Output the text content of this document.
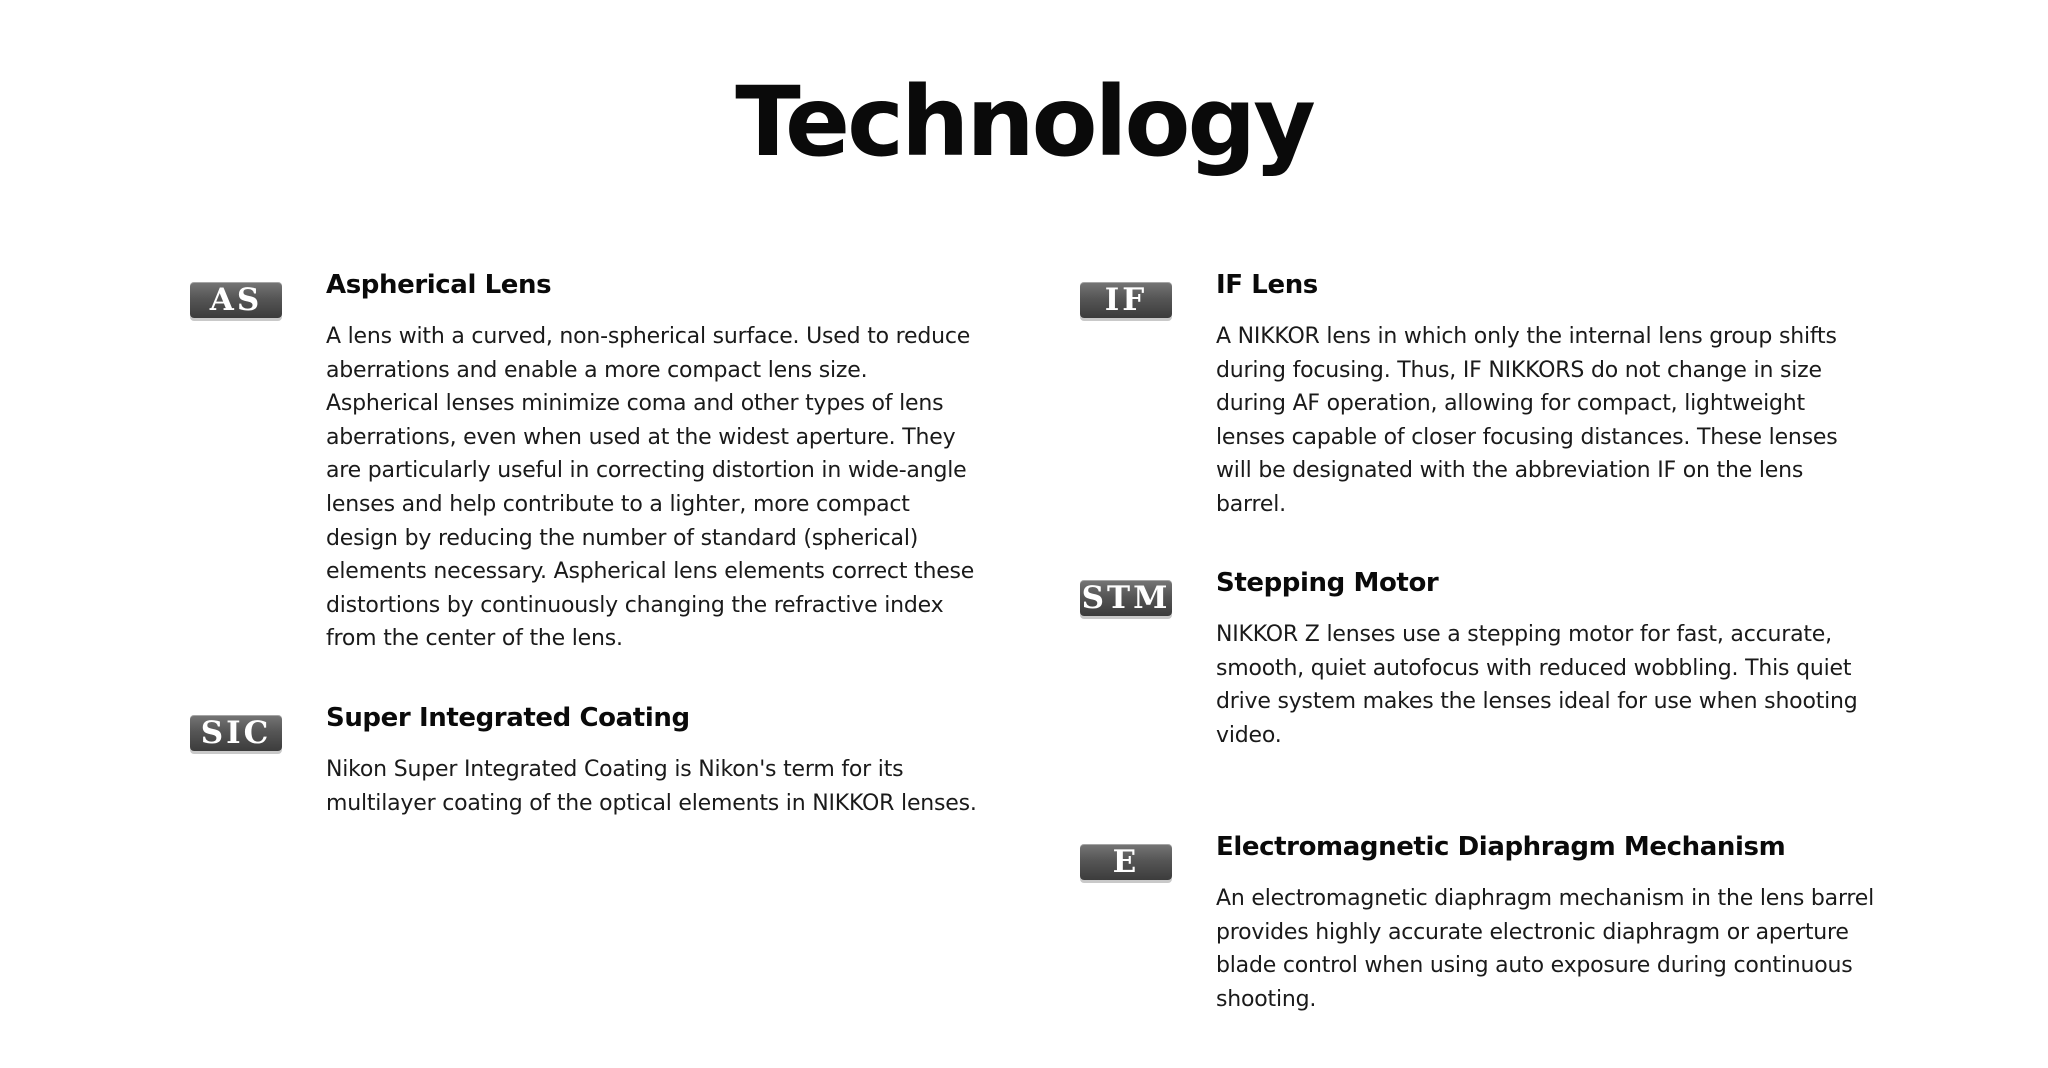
Technology
AS	Aspherical Lens

A lens with a curved, non-spherical surface. Used to reduce aberrations and enable a more compact lens size. Aspherical lenses minimize coma and other types of lens aberrations, even when used at the widest aperture. They are particularly useful in correcting distortion in wide-angle lenses and help contribute to a lighter, more compact design by reducing the number of standard (spherical) elements necessary. Aspherical lens elements correct these distortions by continuously changing the refractive index from the center of the lens.

SIC	Super Integrated Coating

Nikon Super Integrated Coating is Nikon's term for its multilayer coating of the optical elements in NIKKOR lenses.

IF	IF Lens

A NIKKOR lens in which only the internal lens group shifts during focusing. Thus, IF NIKKORS do not change in size during AF operation, allowing for compact, lightweight lenses capable of closer focusing distances. These lenses will be designated with the abbreviation IF on the lens barrel.

STM Stepping Motor

NIKKOR Z lenses use a stepping motor for fast, accurate, smooth, quiet autofocus with reduced wobbling. This quiet drive system makes the lenses ideal for use when shooting video.

E	Electromagnetic Diaphragm Mechanism

An electromagnetic diaphragm mechanism in the lens barrel provides highly accurate electronic diaphragm or aperture blade control when using auto exposure during continuous shooting.
